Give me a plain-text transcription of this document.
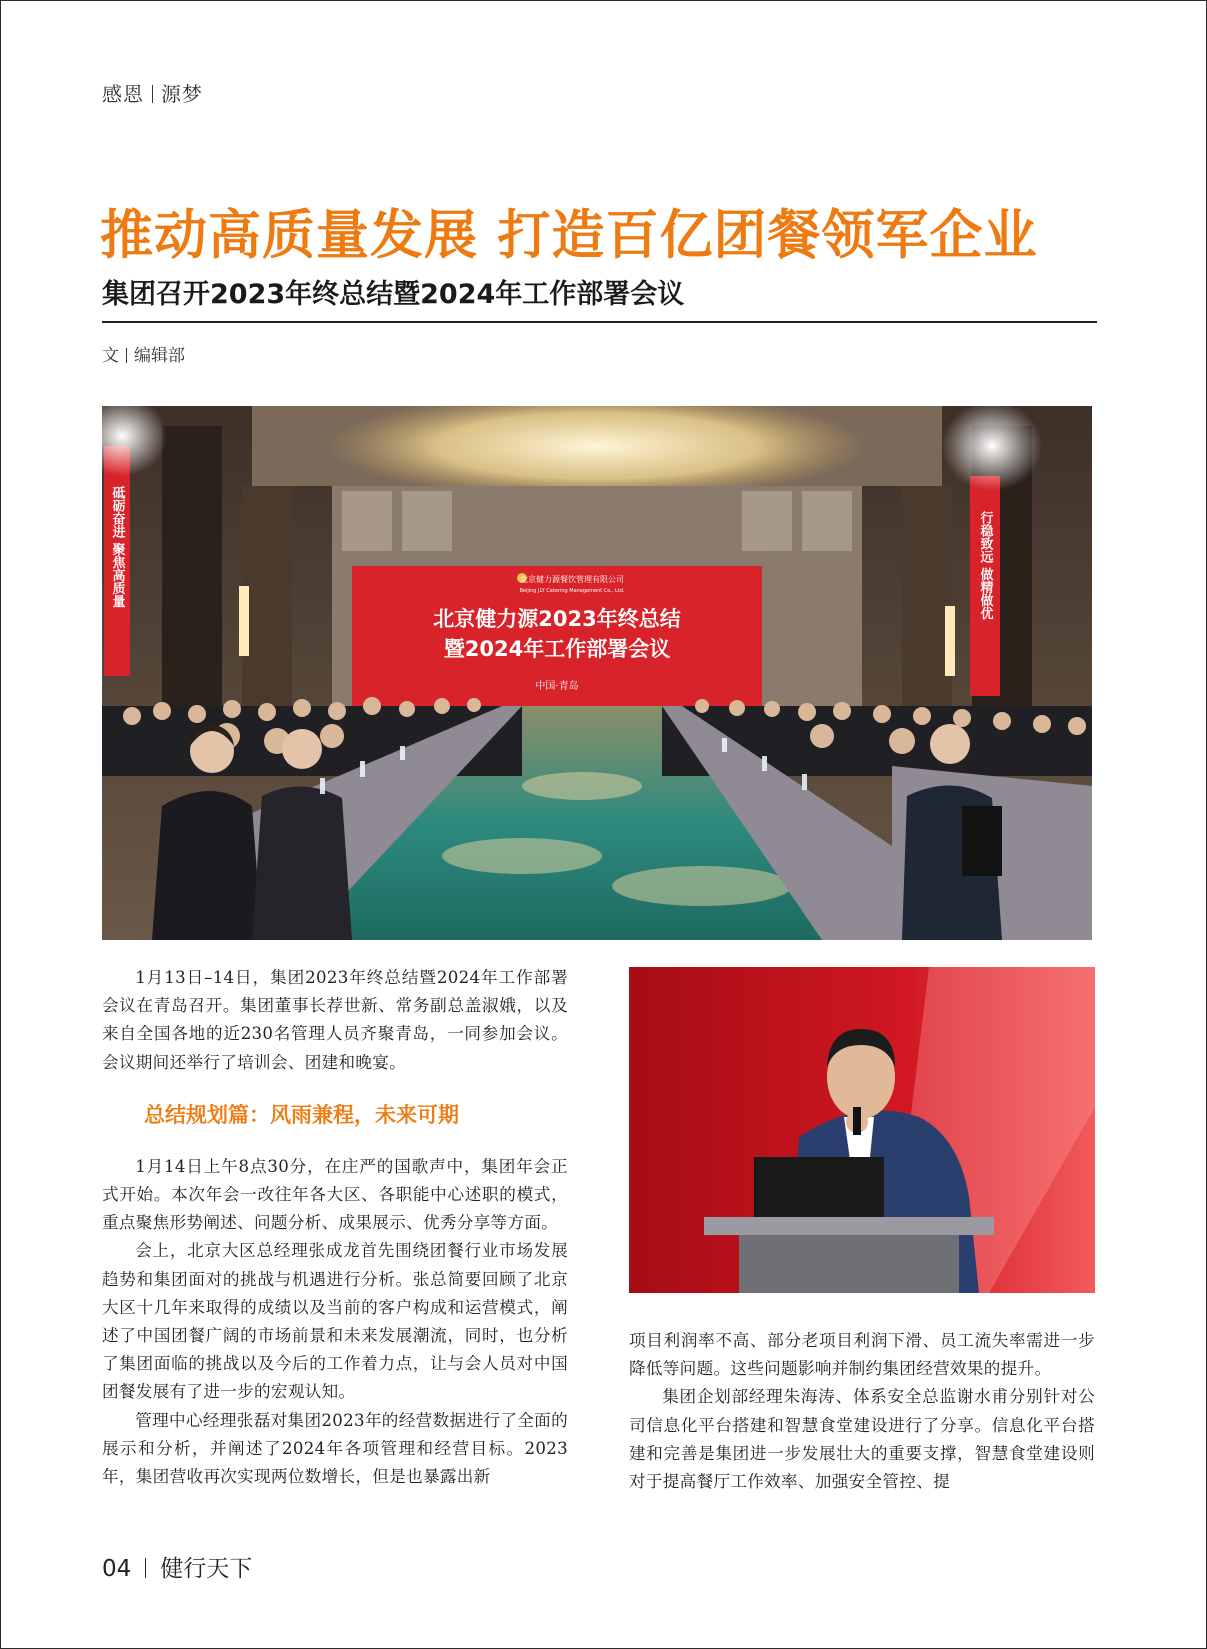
感恩 源梦
推动高质量发展 打造百亿团餐领军企业
集团召开2023年终总结暨2024年工作部署会议
文 编辑部
砥砺奋进 聚焦高质量	行稳致远 做精做优
北京健力源餐饮管理有限公司
Beijing JLY Catering Management Co., Ltd.
北京健力源2023年终总结
暨2024年工作部署会议
中国·青岛

1月13日–14日，集团2023年终总结暨2024年工作部署会议在青岛召开。集团董事长荐世新、常务副总盖淑娥，以及来自全国各地的近230名管理人员齐聚青岛，一同参加会议。会议期间还举行了培训会、团建和晚宴。

总结规划篇：风雨兼程，未来可期

1月14日上午8点30分，在庄严的国歌声中，集团年会正式开始。本次年会一改往年各大区、各职能中心述职的模式，重点聚焦形势阐述、问题分析、成果展示、优秀分享等方面。

会上，北京大区总经理张成龙首先围绕团餐行业市场发展趋势和集团面对的挑战与机遇进行分析。张总简要回顾了北京大区十几年来取得的成绩以及当前的客户构成和运营模式，阐述了中国团餐广阔的市场前景和未来发展潮流，同时，也分析了集团面临的挑战以及今后的工作着力点，让与会人员对中国团餐发展有了进一步的宏观认知。

管理中心经理张磊对集团2023年的经营数据进行了全面的展示和分析，并阐述了2024年各项管理和经营目标。2023年，集团营收再次实现两位数增长，但是也暴露出新

项目利润率不高、部分老项目利润下滑、员工流失率需进一步降低等问题。这些问题影响并制约集团经营效果的提升。

集团企划部经理朱海涛、体系安全总监谢水甫分别针对公司信息化平台搭建和智慧食堂建设进行了分享。信息化平台搭建和完善是集团进一步发展壮大的重要支撑，智慧食堂建设则对于提高餐厅工作效率、加强安全管控、提

04 健行天下
